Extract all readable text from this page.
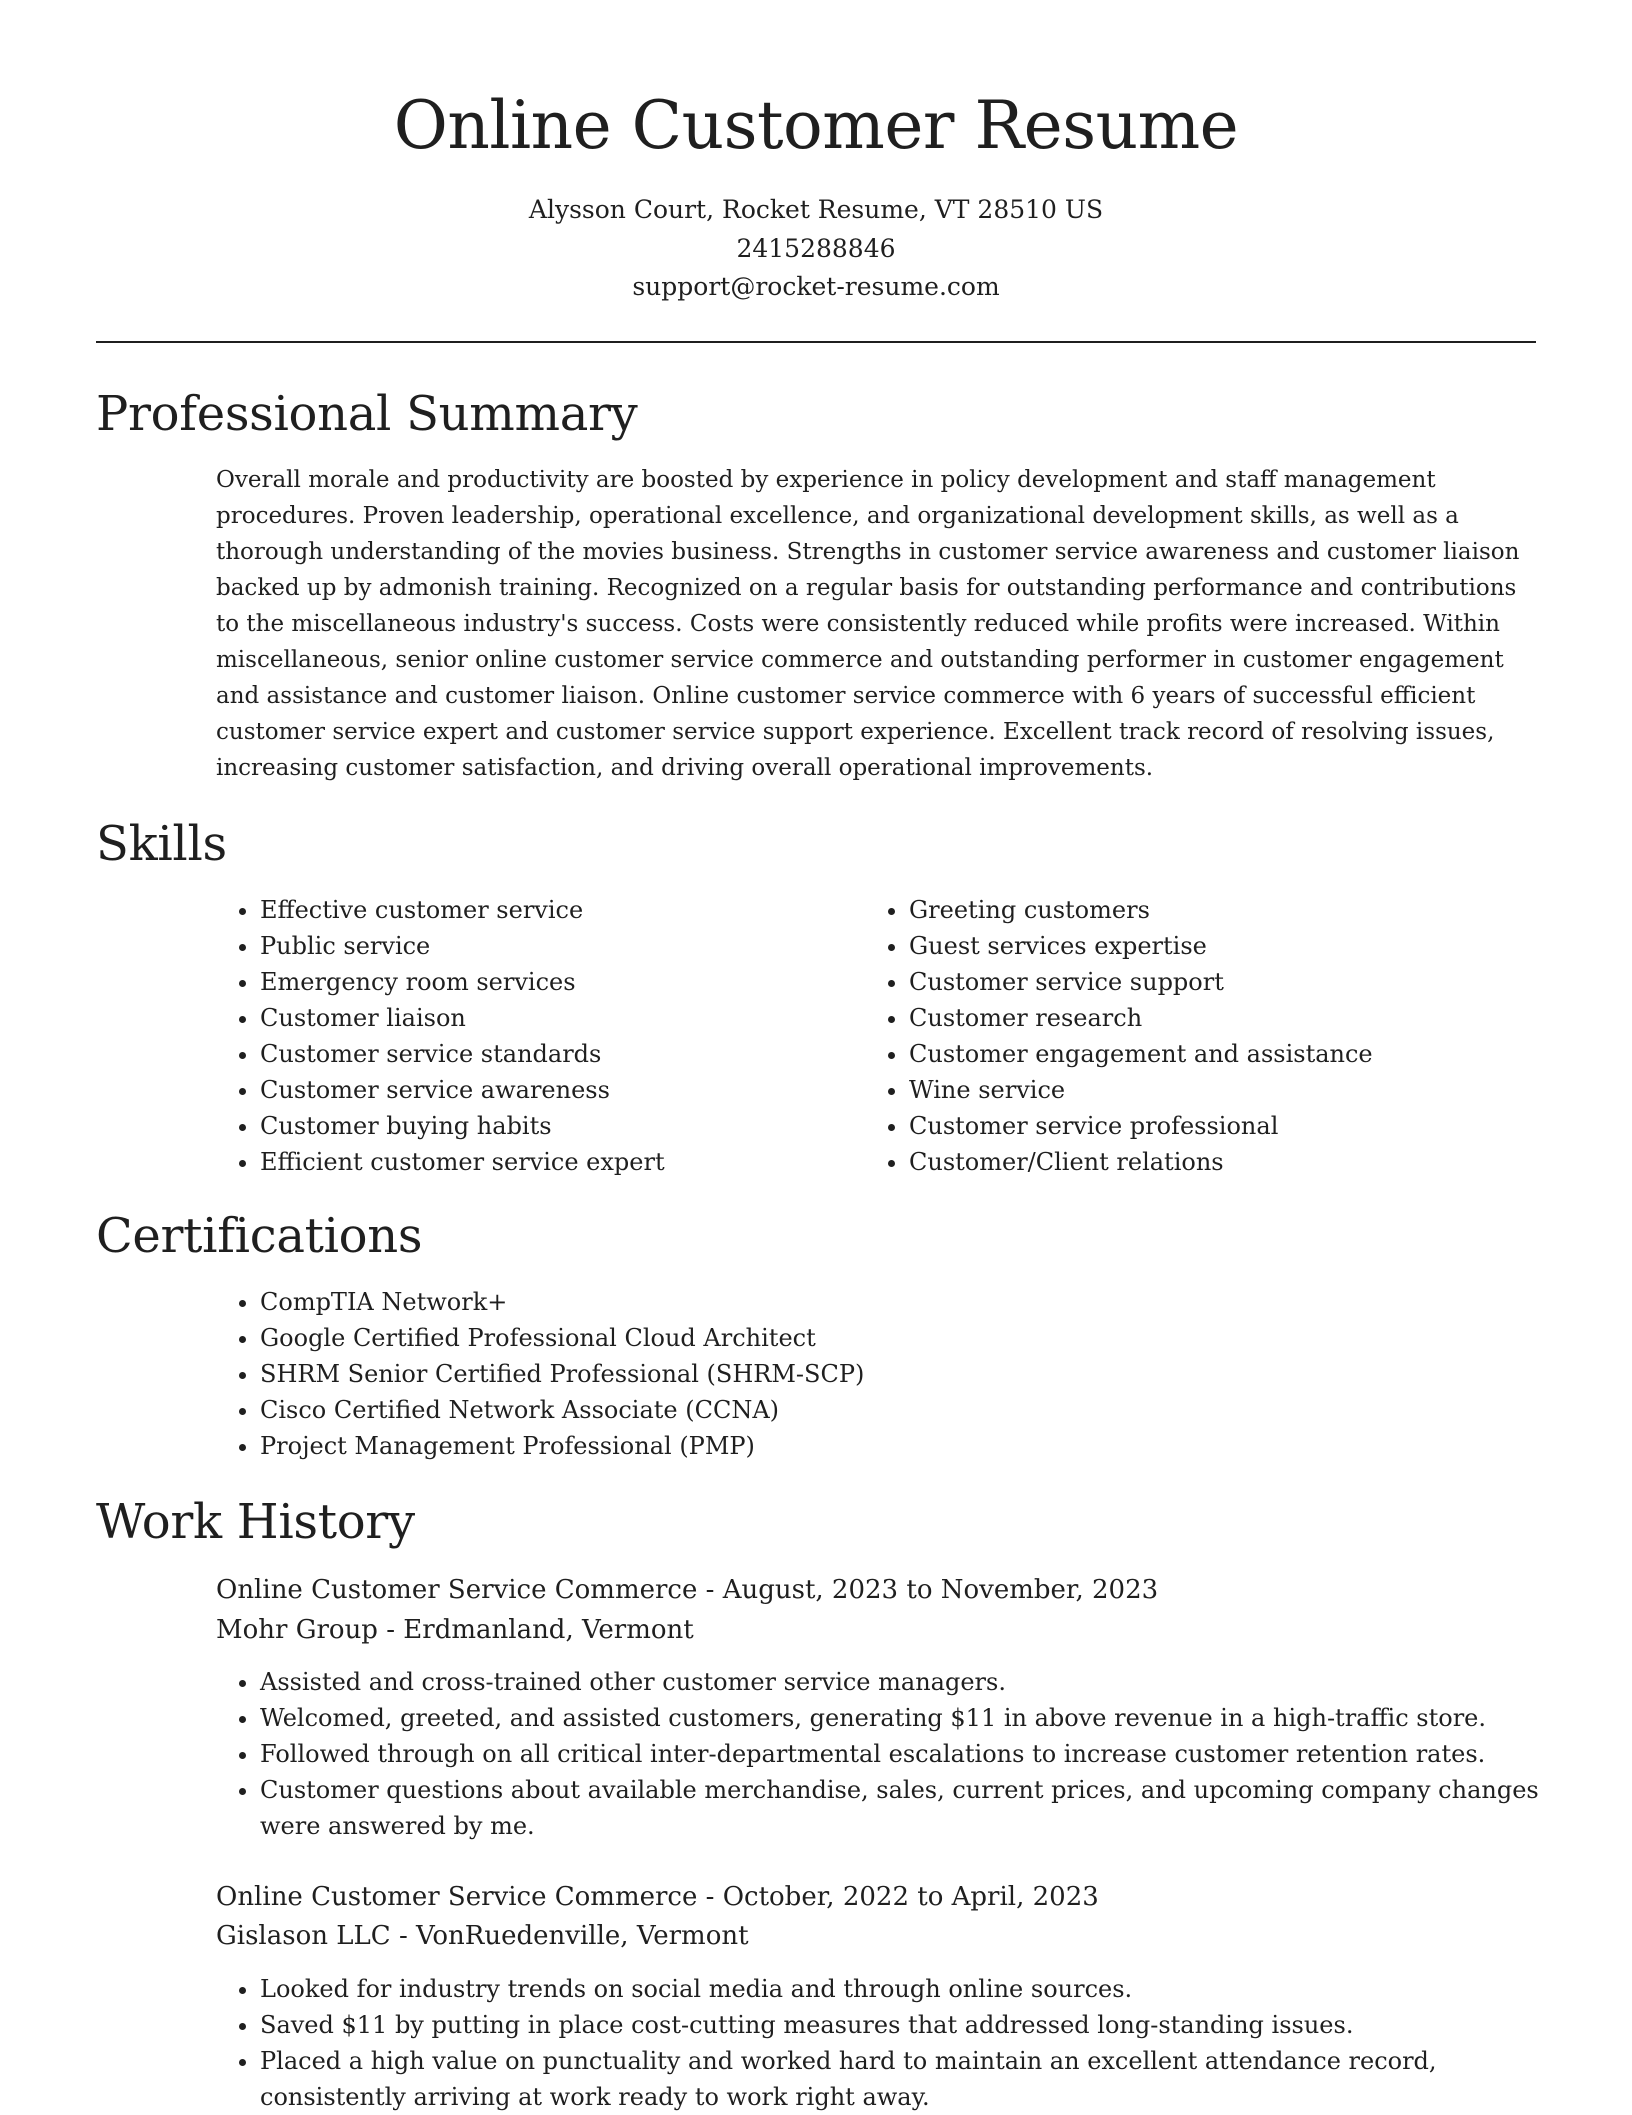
Online Customer Resume
Alysson Court, Rocket Resume, VT 28510 US
2415288846
support@rocket-resume.com
Professional Summary

Overall morale and productivity are boosted by experience in policy development and staff management procedures. Proven leadership, operational excellence, and organizational development skills, as well as a thorough understanding of the movies business. Strengths in customer service awareness and customer liaison backed up by admonish training. Recognized on a regular basis for outstanding performance and contributions to the miscellaneous industry's success. Costs were consistently reduced while profits were increased. Within miscellaneous, senior online customer service commerce and outstanding performer in customer engagement and assistance and customer liaison. Online customer service commerce with 6 years of successful efficient customer service expert and customer service support experience. Excellent track record of resolving issues, increasing customer satisfaction, and driving overall operational improvements.

Skills
• Effective customer service
• Public service
• Emergency room services
• Customer liaison
• Customer service standards
• Customer service awareness
• Customer buying habits
• Efficient customer service expert
• Greeting customers
• Guest services expertise
• Customer service support
• Customer research
• Customer engagement and assistance
• Wine service
• Customer service professional
• Customer/Client relations
Certifications
• CompTIA Network+
• Google Certified Professional Cloud Architect
• SHRM Senior Certified Professional (SHRM-SCP)
• Cisco Certified Network Associate (CCNA)
• Project Management Professional (PMP)
Work History
Online Customer Service Commerce - August, 2023 to November, 2023
Mohr Group - Erdmanland, Vermont
• Assisted and cross-trained other customer service managers.
• Welcomed, greeted, and assisted customers, generating $11 in above revenue in a high-traffic store.
• Followed through on all critical inter-departmental escalations to increase customer retention rates.
• Customer questions about available merchandise, sales, current prices, and upcoming company changes were answered by me.
Online Customer Service Commerce - October, 2022 to April, 2023
Gislason LLC - VonRuedenville, Vermont
• Looked for industry trends on social media and through online sources.
• Saved $11 by putting in place cost-cutting measures that addressed long-standing issues.
• Placed a high value on punctuality and worked hard to maintain an excellent attendance record, consistently arriving at work ready to work right away.
